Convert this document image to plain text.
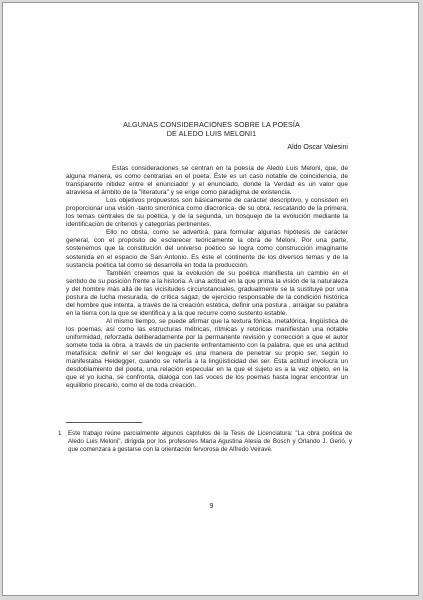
ALGUNAS CONSIDERACIONES SOBRE LA POESÍA
DE ALEDO LUIS MELONI1
Aldo Oscar Valesini

Estas consideraciones se centran en la poesía de Aledo Luis Meloni, que, de alguna manera, es como centrarias en el poeta. Éste es un caso notable de coincidencia, de transparente nitidez entre el enunciador y el enunciado, donde la Verdad es un valor que atraviesa el ámbito de la "literatura" y se erige como paradigma de existencia.

Los objetivos propuestos son básicamente de carácter descriptivo, y consisten en proporcionar una visión -tanto sincrónica como diacrónica- de su obra, rescatando de la primera, los temas centrales de su poética, y de la segunda, un bosquejo de la evolución mediante la identificación de criterios y categorías pertinentes.

Ello no obsta, como se advertirá, para formular algunas hipótesis de carácter general, con el propósito de esclarecer teóricamente la obra de Meloni. Por una parte, sostenemos que la constitución del universo poético se logra como construcción imaginante sostenida en el espacio de San Antonio. Es éste el continente de los diversos temas y de la sustancia poética tal como se desarrolla en toda la producción.

También creemos que la evolución de su poética manifiesta un cambio en el sentido de su posición frente a la historia. A una actitud en la que prima la visión de la naturaleza y del hombre más allá de las vicisitudes circunstanciales, gradualmente se la sustituye por una postura de lucha mesurada, de crítica sagaz, de ejercicio responsable de la condición histórica del hombre que intenta, a través de la creación estética, definir una postura , arraigar su palabra en la tierra con la que se identifica y a la que recurre como sustento estable.

Al mismo tiempo, se puede afirmar que la textura fónica, metafórica, lingüística de los poemas, así como las estructuras métricas, rítmicas y retóricas manifiestan una notable uniformidad, reforzada deliberadamente por la permanente revisión y corrección a que el autor somete toda la obra, a través de un paciente enfrentamiento con la palabra, que es una actitud metafísica: definir el ser del lenguaje es una manera de penetrar su propio ser, según lo manifestaba Heidegger, cuando se refería a la lingüisticidad del ser. Esta actitud involucra un desdoblamiento del poeta, una relación especular en la que el sujeto es a la vez objeto, en la que el yo lucha, se confronta, dialoga con las voces de los poemas hasta lograr encontrar un equilibrio precario, como el de toda creación.

1 Este trabajo reúne parcialmente algunos capítulos de la Tesis de Licenciatura: "La obra poética de Aledo Luis Meloni", dirigida por los profesores María Agustina Alesia de Bosch y Orlando J. Gerió, y que comenzara a gestarse con la orientación fervorosa de Alfredo Veiravé.
9
